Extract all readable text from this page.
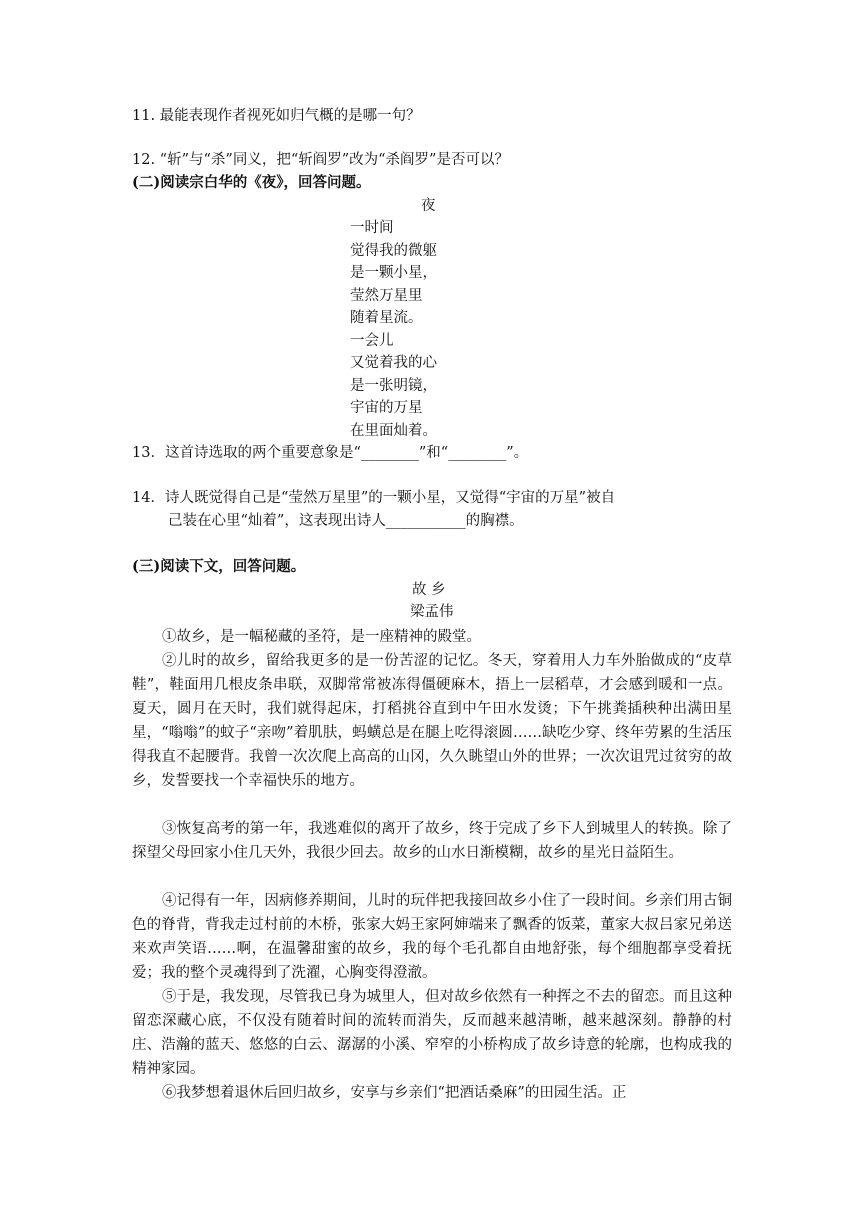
11. 最能表现作者视死如归气概的是哪一句？
12. “斩”与“杀”同义，把“斩阎罗”改为“杀阎罗”是否可以？
(二)阅读宗白华的《夜》，回答问题。
夜
一时间
觉得我的微躯
是一颗小星，
莹然万星里
随着星流。
一会儿
又觉着我的心
是一张明镜，
宇宙的万星
在里面灿着。
13．这首诗选取的两个重要意象是“________”和“________”。
14．诗人既觉得自己是“莹然万星里”的一颗小星，又觉得“宇宙的万星”被自
己装在心里“灿着”，这表现出诗人___________的胸襟。
(三)阅读下文，回答问题。
故 乡
梁孟伟
①故乡，是一幅秘藏的圣符，是一座精神的殿堂。
②儿时的故乡，留给我更多的是一份苦涩的记忆。冬天，穿着用人力车外胎做成的“皮草鞋”，鞋面用几根皮条串联，双脚常常被冻得僵硬麻木，捂上一层稻草，才会感到暖和一点。夏天，圆月在天时，我们就得起床，打稻挑谷直到中午田水发烫；下午挑粪插秧种出满田星星，“嗡嗡”的蚊子“亲吻”着肌肤，蚂蟥总是在腿上吃得滚圆……缺吃少穿、终年劳累的生活压得我直不起腰背。我曾一次次爬上高高的山冈，久久眺望山外的世界；一次次诅咒过贫穷的故乡，发誓要找一个幸福快乐的地方。
③恢复高考的第一年，我逃难似的离开了故乡，终于完成了乡下人到城里人的转换。除了探望父母回家小住几天外，我很少回去。故乡的山水日渐模糊，故乡的星光日益陌生。
④记得有一年，因病修养期间，儿时的玩伴把我接回故乡小住了一段时间。乡亲们用古铜色的脊背，背我走过村前的木桥，张家大妈王家阿婶端来了飘香的饭菜，董家大叔吕家兄弟送来欢声笑语……啊，在温馨甜蜜的故乡，我的每个毛孔都自由地舒张，每个细胞都享受着抚爱；我的整个灵魂得到了洗濯，心胸变得澄澈。
⑤于是，我发现，尽管我已身为城里人，但对故乡依然有一种挥之不去的留恋。而且这种留恋深藏心底，不仅没有随着时间的流转而消失，反而越来越清晰，越来越深刻。静静的村庄、浩瀚的蓝天、悠悠的白云、潺潺的小溪、窄窄的小桥构成了故乡诗意的轮廓，也构成我的精神家园。
⑥我梦想着退休后回归故乡，安享与乡亲们“把酒话桑麻”的田园生活。正
